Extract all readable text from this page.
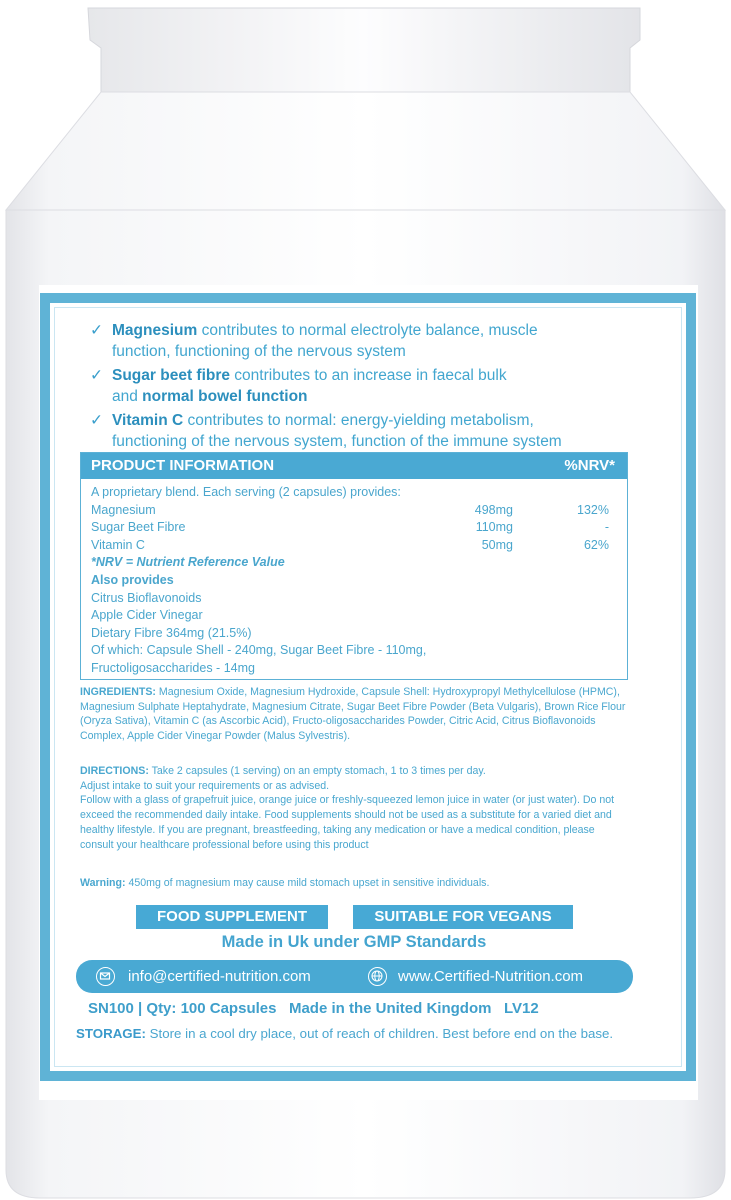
✓ Magnesium contributes to normal electrolyte balance, muscle
function, functioning of the nervous system
✓ Sugar beet fibre contributes to an increase in faecal bulk
and normal bowel function
✓ Vitamin C contributes to normal: energy-yielding metabolism,
functioning of the nervous system, function of the immune system
PRODUCT INFORMATION	%NRV*
A proprietary blend. Each serving (2 capsules) provides:
Magnesium	498mg	132%
Sugar Beet Fibre	110mg	-
Vitamin C	50mg	62%
*NRV = Nutrient Reference Value
Also provides
Citrus Bioflavonoids
Apple Cider Vinegar
Dietary Fibre 364mg (21.5%)
Of which: Capsule Shell - 240mg, Sugar Beet Fibre - 110mg,
Fructoligosaccharides - 14mg
INGREDIENTS: Magnesium Oxide, Magnesium Hydroxide, Capsule Shell: Hydroxypropyl Methylcellulose (HPMC), Magnesium Sulphate Heptahydrate, Magnesium Citrate, Sugar Beet Fibre Powder (Beta Vulgaris), Brown Rice Flour (Oryza Sativa), Vitamin C (as Ascorbic Acid), Fructo-oligosaccharides Powder, Citric Acid, Citrus Bioflavonoids Complex, Apple Cider Vinegar Powder (Malus Sylvestris).
DIRECTIONS: Take 2 capsules (1 serving) on an empty stomach, 1 to 3 times per day.
Adjust intake to suit your requirements or as advised.
Follow with a glass of grapefruit juice, orange juice or freshly-squeezed lemon juice in water (or just water). Do not exceed the recommended daily intake. Food supplements should not be used as a substitute for a varied diet and healthy lifestyle. If you are pregnant, breastfeeding, taking any medication or have a medical condition, please consult your healthcare professional before using this product
Warning: 450mg of magnesium may cause mild stomach upset in sensitive individuals.
FOOD SUPPLEMENT	SUITABLE FOR VEGANS
Made in Uk under GMP Standards
info@certified-nutrition.com	www.Certified-Nutrition.com
SN100 | Qty: 100 Capsules   Made in the United Kingdom   LV12
STORAGE: Store in a cool dry place, out of reach of children. Best before end on the base.
